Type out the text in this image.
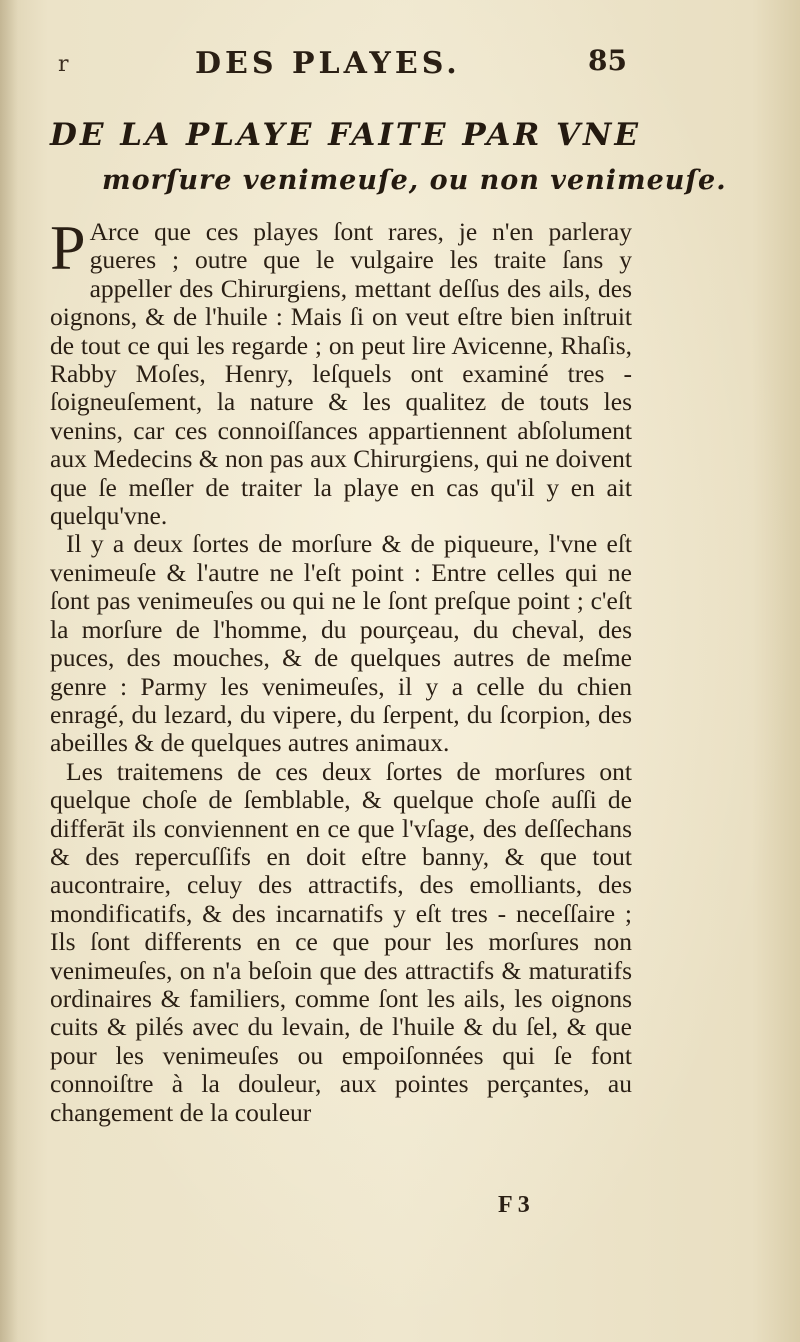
r	DES PLAYES.	85
DE LA PLAYE FAITE PAR VNE
morſure venimeuſe, ou non venimeuſe.

P Arce que ces playes ſont rares, je n'en parleray gueres ; outre que le vulgaire les traite ſans y appeller des Chirurgiens, mettant deſſus des ails, des oignons, & de l'huile : Mais ſi on veut eſtre bien inſtruit de tout ce qui les regarde ; on peut lire Avicenne, Rhaſis, Rabby Moſes, Henry, leſquels ont examiné tres - ſoigneuſement, la nature & les qualitez de touts les venins, car ces connoiſſances appartiennent abſolument aux Medecins & non pas aux Chirurgiens, qui ne doivent que ſe meſler de traiter la playe en cas qu'il y en ait quelqu'vne.

Il y a deux ſortes de morſure & de piqueure, l'vne eſt venimeuſe & l'autre ne l'eſt point : Entre celles qui ne ſont pas venimeuſes ou qui ne le ſont preſque point ; c'eſt la morſure de l'homme, du pourçeau, du cheval, des puces, des mouches, & de quelques autres de meſme genre : Parmy les venimeuſes, il y a celle du chien enragé, du lezard, du vipere, du ſerpent, du ſcorpion, des abeilles & de quelques autres animaux.

Les traitemens de ces deux ſortes de morſures ont quelque choſe de ſemblable, & quelque choſe auſſi de differāt ils conviennent en ce que l'vſage, des deſſechans & des repercuſſifs en doit eſtre banny, & que tout aucontraire, celuy des attractifs, des emolliants, des mondificatifs, & des incarnatifs y eſt tres - neceſſaire ; Ils ſont differents en ce que pour les morſures non venimeuſes, on n'a beſoin que des attractifs & maturatifs ordinaires & familiers, comme ſont les ails, les oignons cuits & pilés avec du levain, de l'huile & du ſel, & que pour les venimeuſes ou empoiſonnées qui ſe font connoiſtre à la douleur, aux pointes perçantes, au changement de la couleur

F 3
